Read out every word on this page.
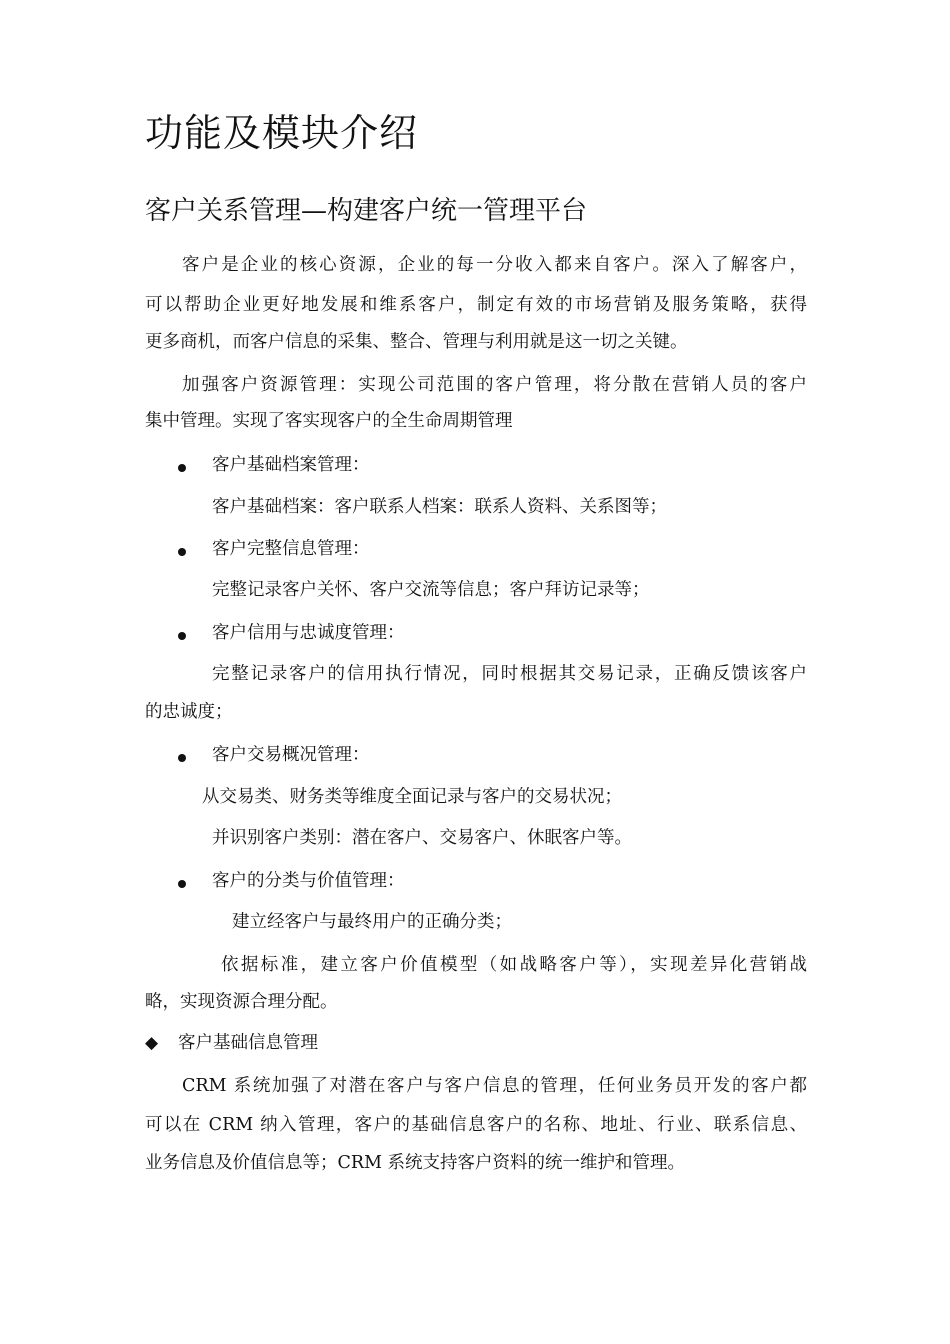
功能及模块介绍
客户关系管理—构建客户统一管理平台

客户是企业的核心资源，企业的每一分收入都来自客户。深入了解客户，

可以帮助企业更好地发展和维系客户，制定有效的市场营销及服务策略，获得

更多商机，而客户信息的采集、整合、管理与利用就是这一切之关键。

加强客户资源管理：实现公司范围的客户管理，将分散在营销人员的客户

集中管理。实现了客实现客户的全生命周期管理

客户基础档案管理：

客户基础档案：客户联系人档案：联系人资料、关系图等；

客户完整信息管理：

完整记录客户关怀、客户交流等信息；客户拜访记录等；

客户信用与忠诚度管理：

完整记录客户的信用执行情况，同时根据其交易记录，正确反馈该客户

的忠诚度；

客户交易概况管理：

从交易类、财务类等维度全面记录与客户的交易状况；

并识别客户类别：潜在客户、交易客户、休眠客户等。

客户的分类与价值管理：

建立经客户与最终用户的正确分类；

依据标准，建立客户价值模型（如战略客户等），实现差异化营销战

略，实现资源合理分配。

◆ 客户基础信息管理

CRM 系统加强了对潜在客户与客户信息的管理，任何业务员开发的客户都

可以在 CRM 纳入管理，客户的基础信息客户的名称、地址、行业、联系信息、

业务信息及价值信息等；CRM 系统支持客户资料的统一维护和管理。
